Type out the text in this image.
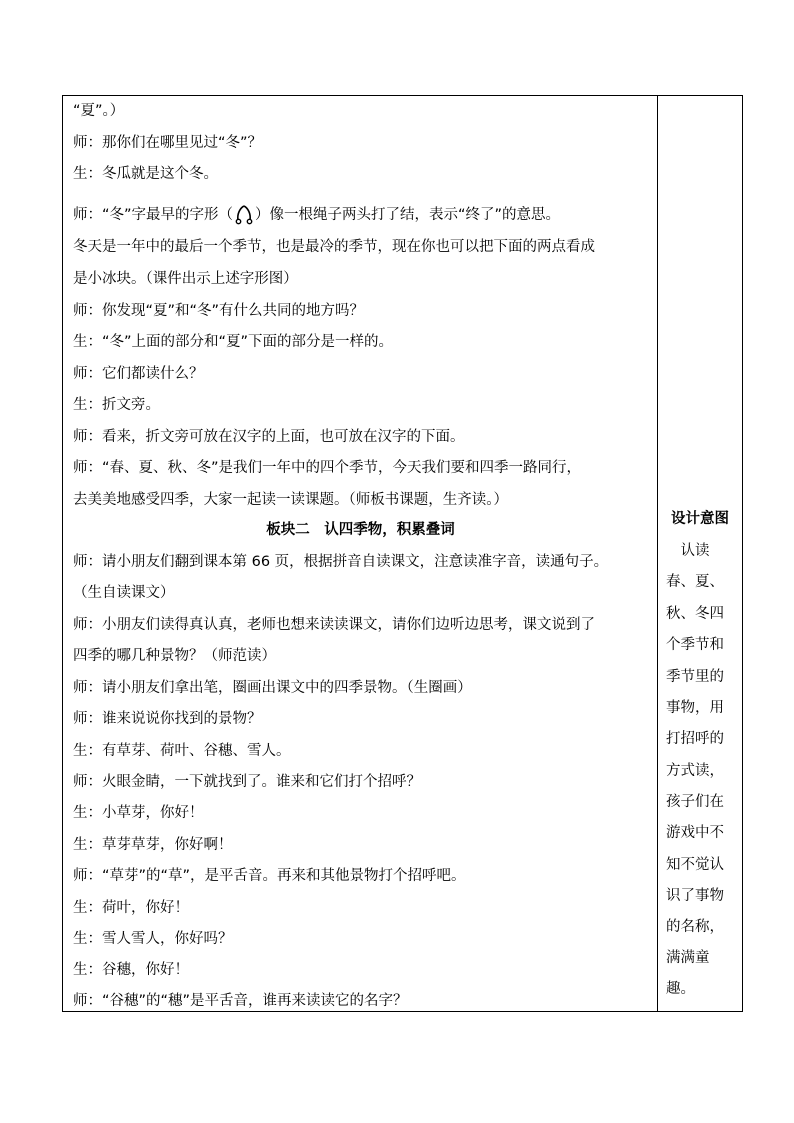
“夏”。）
师：那你们在哪里见过“冬”？
生：冬瓜就是这个冬。
师：“冬”字最早的字形（ ）像一根绳子两头打了结，表示“终了”的意思。
冬天是一年中的最后一个季节，也是最冷的季节，现在你也可以把下面的两点看成
是小冰块。（课件出示上述字形图）
师：你发现“夏”和“冬”有什么共同的地方吗？
生：“冬”上面的部分和“夏”下面的部分是一样的。
师：它们都读什么？
生：折文旁。
师：看来，折文旁可放在汉字的上面，也可放在汉字的下面。
师：“春、夏、秋、冬”是我们一年中的四个季节，今天我们要和四季一路同行，
去美美地感受四季，大家一起读一读课题。（师板书课题，生齐读。）
板块二　认四季物，积累叠词
师：请小朋友们翻到课本第 66 页，根据拼音自读课文，注意读准字音，读通句子。
（生自读课文）
师：小朋友们读得真认真，老师也想来读读课文，请你们边听边思考，课文说到了
四季的哪几种景物？（师范读）
师：请小朋友们拿出笔，圈画出课文中的四季景物。（生圈画）
师：谁来说说你找到的景物？
生：有草芽、荷叶、谷穗、雪人。
师：火眼金睛，一下就找到了。谁来和它们打个招呼？
生：小草芽，你好！
生：草芽草芽，你好啊！
师：“草芽”的“草”，是平舌音。再来和其他景物打个招呼吧。
生：荷叶，你好！
生：雪人雪人，你好吗？
生：谷穗，你好！
师：“谷穗”的“穗”是平舌音，谁再来读读它的名字？
设计意图
　认读
春、夏、
秋、冬四
个季节和
季节里的
事物，用
打招呼的
方式读，
孩子们在
游戏中不
知不觉认
识了事物
的名称，
满满童
趣。
